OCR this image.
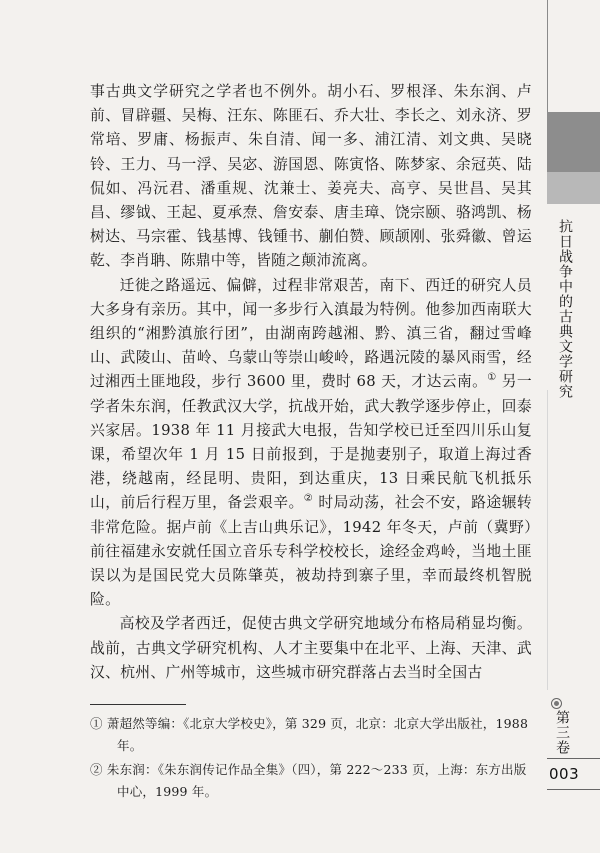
事古典文学研究之学者也不例外。胡小石、罗根泽、朱东润、卢前、冒辟疆、吴梅、汪东、陈匪石、乔大壮、李长之、刘永济、罗常培、罗庸、杨振声、朱自清、闻一多、浦江清、刘文典、吴晓铃、王力、马一浮、吴宓、游国恩、陈寅恪、陈梦家、余冠英、陆侃如、冯沅君、潘重规、沈兼士、姜亮夫、高亨、吴世昌、吴其昌、缪钺、王起、夏承焘、詹安泰、唐圭璋、饶宗颐、骆鸿凯、杨树达、马宗霍、钱基博、钱锺书、蒯伯赞、顾颉刚、张舜徽、曾运乾、李肖聃、陈鼎中等，皆随之颠沛流离。

迁徙之路遥远、偏僻，过程非常艰苦，南下、西迁的研究人员大多身有亲历。其中，闻一多步行入滇最为特例。他参加西南联大组织的“湘黔滇旅行团”，由湖南跨越湘、黔、滇三省，翻过雪峰山、武陵山、苗岭、乌蒙山等崇山峻岭，路遇沅陵的暴风雨雪，经过湘西土匪地段，步行 3600 里，费时 68 天，才达云南。① 另一学者朱东润，任教武汉大学，抗战开始，武大教学逐步停止，回泰兴家居。1938 年 11 月接武大电报，告知学校已迁至四川乐山复课，希望次年 1 月 15 日前报到，于是抛妻别子，取道上海过香港，绕越南，经昆明、贵阳，到达重庆，13 日乘民航飞机抵乐山，前后行程万里，备尝艰辛。② 时局动荡，社会不安，路途辗转非常危险。据卢前《上吉山典乐记》，1942 年冬天，卢前（冀野）前往福建永安就任国立音乐专科学校校长，途经金鸡岭，当地土匪误以为是国民党大员陈肇英，被劫持到寨子里，幸而最终机智脱险。

高校及学者西迁，促使古典文学研究地域分布格局稍显均衡。战前，古典文学研究机构、人才主要集中在北平、上海、天津、武汉、杭州、广州等城市，这些城市研究群落占去当时全国古

① 萧超然等编：《北京大学校史》，第 329 页，北京：北京大学出版社，1988 年。

② 朱东润：《朱东润传记作品全集》（四），第 222～233 页，上海：东方出版中心，1999 年。

抗日战争中的古典文学研究
第三卷
003
